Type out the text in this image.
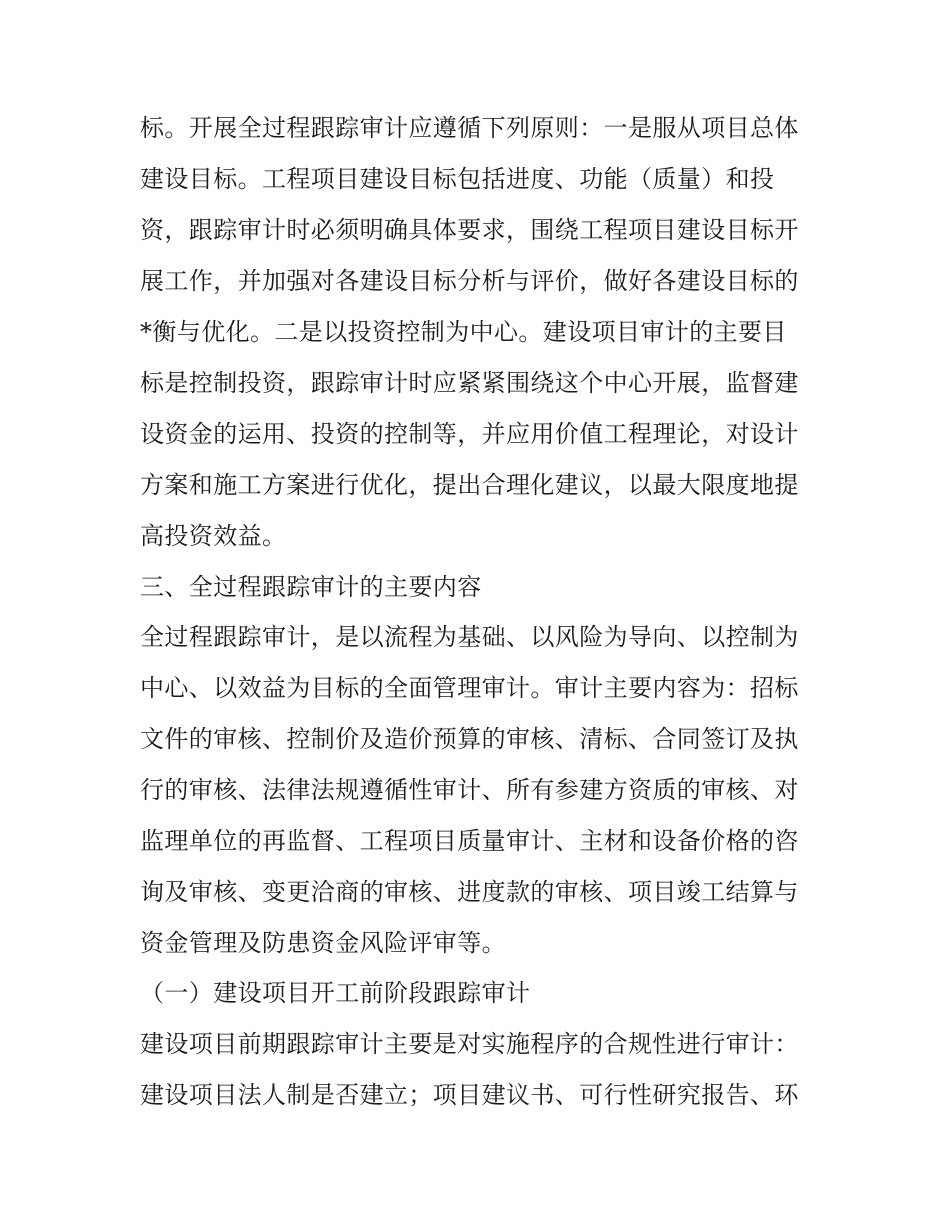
标。开展全过程跟踪审计应遵循下列原则：一是服从项目总体
建设目标。工程项目建设目标包括进度、功能（质量）和投
资，跟踪审计时必须明确具体要求，围绕工程项目建设目标开
展工作，并加强对各建设目标分析与评价，做好各建设目标的
*衡与优化。二是以投资控制为中心。建设项目审计的主要目
标是控制投资，跟踪审计时应紧紧围绕这个中心开展，监督建
设资金的运用、投资的控制等，并应用价值工程理论，对设计
方案和施工方案进行优化，提出合理化建议，以最大限度地提
高投资效益。
三、全过程跟踪审计的主要内容
全过程跟踪审计，是以流程为基础、以风险为导向、以控制为
中心、以效益为目标的全面管理审计。审计主要内容为：招标
文件的审核、控制价及造价预算的审核、清标、合同签订及执
行的审核、法律法规遵循性审计、所有参建方资质的审核、对
监理单位的再监督、工程项目质量审计、主材和设备价格的咨
询及审核、变更洽商的审核、进度款的审核、项目竣工结算与
资金管理及防患资金风险评审等。
（一）建设项目开工前阶段跟踪审计
建设项目前期跟踪审计主要是对实施程序的合规性进行审计：
建设项目法人制是否建立；项目建议书、可行性研究报告、环
